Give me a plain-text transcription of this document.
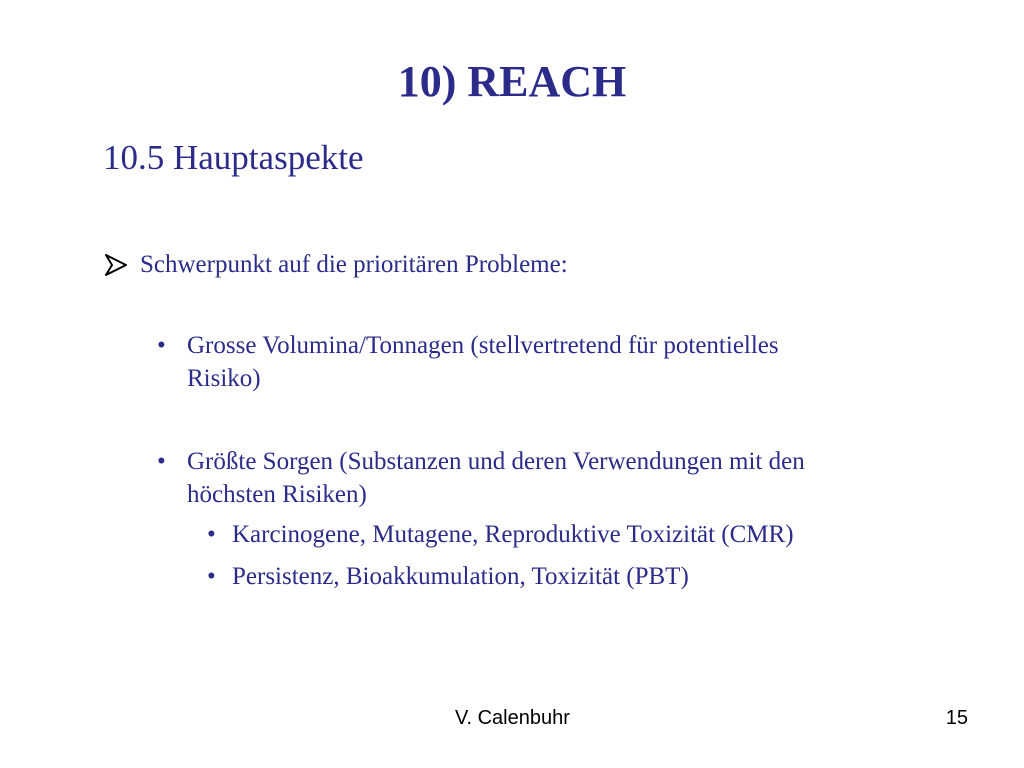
10) REACH
10.5 Hauptaspekte
Schwerpunkt auf die prioritären Probleme:
• Grosse Volumina/Tonnagen (stellvertretend für potentielles
Risiko)
• Größte Sorgen (Substanzen und deren Verwendungen mit den
höchsten Risiken)
• Karcinogene, Mutagene, Reproduktive Toxizität (CMR)
• Persistenz, Bioakkumulation, Toxizität (PBT)
V. Calenbuhr	15
